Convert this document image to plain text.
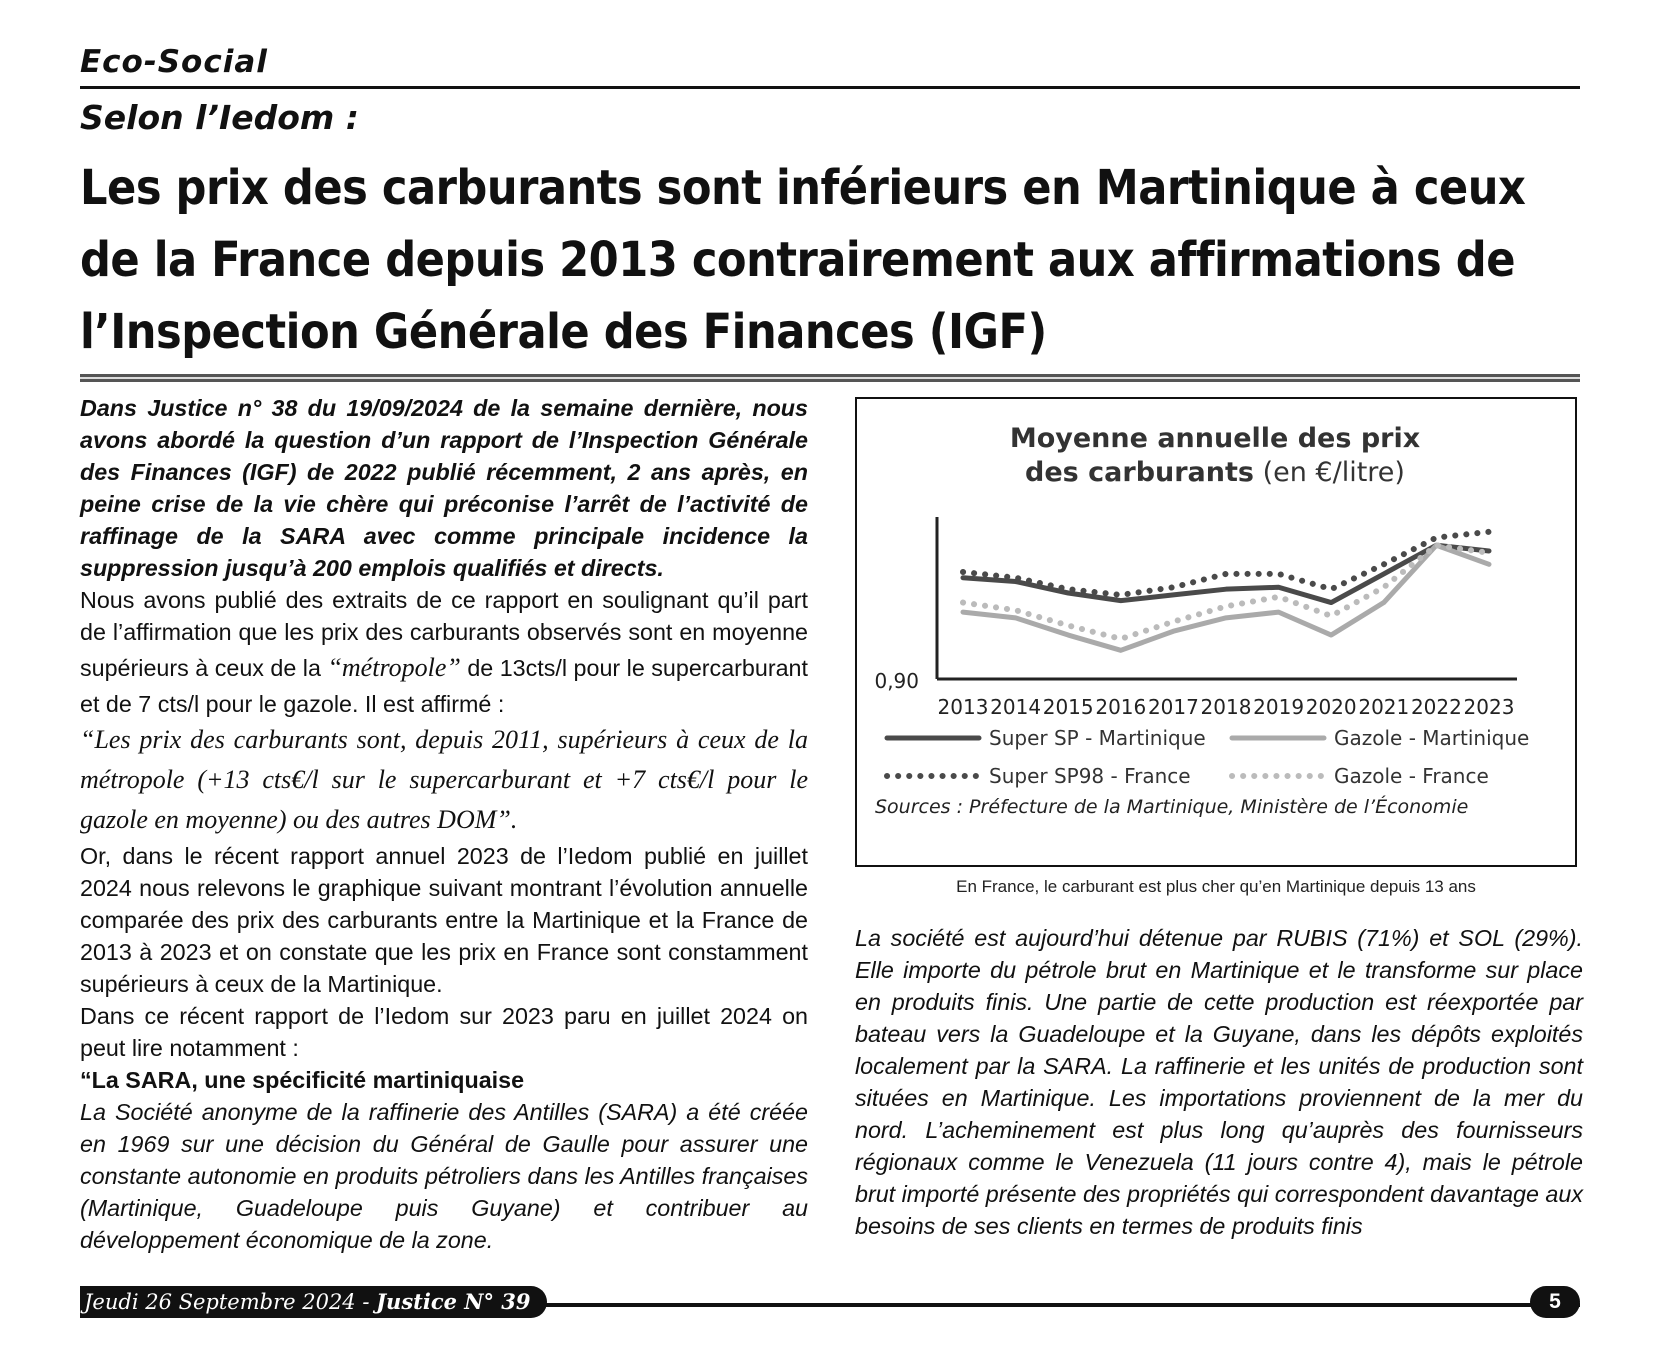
Eco-Social
Selon l’Iedom :
Les prix des carburants sont inférieurs en Martinique à ceux de la France depuis 2013 contrairement aux affirmations de l’Inspection Générale des Finances (IGF)

Dans Justice n° 38 du 19/09/2024 de la semaine dernière, nous avons abordé la question d’un rapport de l’Inspection Générale des Finances (IGF) de 2022 publié récemment, 2 ans après, en peine crise de la vie chère qui préconise l’arrêt de l’activité de raffinage de la SARA avec comme principale incidence la suppression jusqu’à 200 emplois qualifiés et directs.

Nous avons publié des extraits de ce rapport en soulignant qu’il part de l’affirmation que les prix des carburants observés sont en moyenne supérieurs à ceux de la “métropole” de 13cts/l pour le supercarburant et de 7 cts/l pour le gazole. Il est affirmé :

“Les prix des carburants sont, depuis 2011, supérieurs à ceux de la métropole (+13 cts€/l sur le supercarburant et +7 cts€/l pour le gazole en moyenne) ou des autres DOM”.

Or, dans le récent rapport annuel 2023 de l’Iedom publié en juillet 2024 nous relevons le graphique suivant montrant l’évolution annuelle comparée des prix des carburants entre la Martinique et la France de 2013 à 2023 et on constate que les prix en France sont constamment supérieurs à ceux de la Martinique.

Dans ce récent rapport de l’Iedom sur 2023 paru en juillet 2024 on peut lire notamment :

“La SARA, une spécificité martiniquaise

La Société anonyme de la raffinerie des Antilles (SARA) a été créée en 1969 sur une décision du Général de Gaulle pour assurer une constante autonomie en produits pétroliers dans les Antilles françaises (Martinique, Guadeloupe puis Guyane) et contribuer au développement économique de la zone.

Moyenne annuelle des prix
des carburants (en €/litre)
0,90
2013 2014 2015 2016 2017 2018 2019 2020 2021 2022 2023
Super SP - Martinique	Gazole - Martinique
Super SP98 - France	Gazole - France
Sources : Préfecture de la Martinique, Ministère de l’Économie
En France, le carburant est plus cher qu’en Martinique depuis 13 ans

La société est aujourd’hui détenue par RUBIS (71%) et SOL (29%). Elle importe du pétrole brut en Martinique et le transforme sur place en produits finis. Une partie de cette production est réexportée par bateau vers la Guadeloupe et la Guyane, dans les dépôts exploités localement par la SARA. La raffinerie et les unités de production sont situées en Martinique. Les importations proviennent de la mer du nord. L’acheminement est plus long qu’auprès des fournisseurs régionaux comme le Venezuela (11 jours contre 4), mais le pétrole brut importé présente des propriétés qui correspondent davantage aux besoins de ses clients en termes de produits finis

Jeudi 26 Septembre 2024 - Justice N° 39	5
